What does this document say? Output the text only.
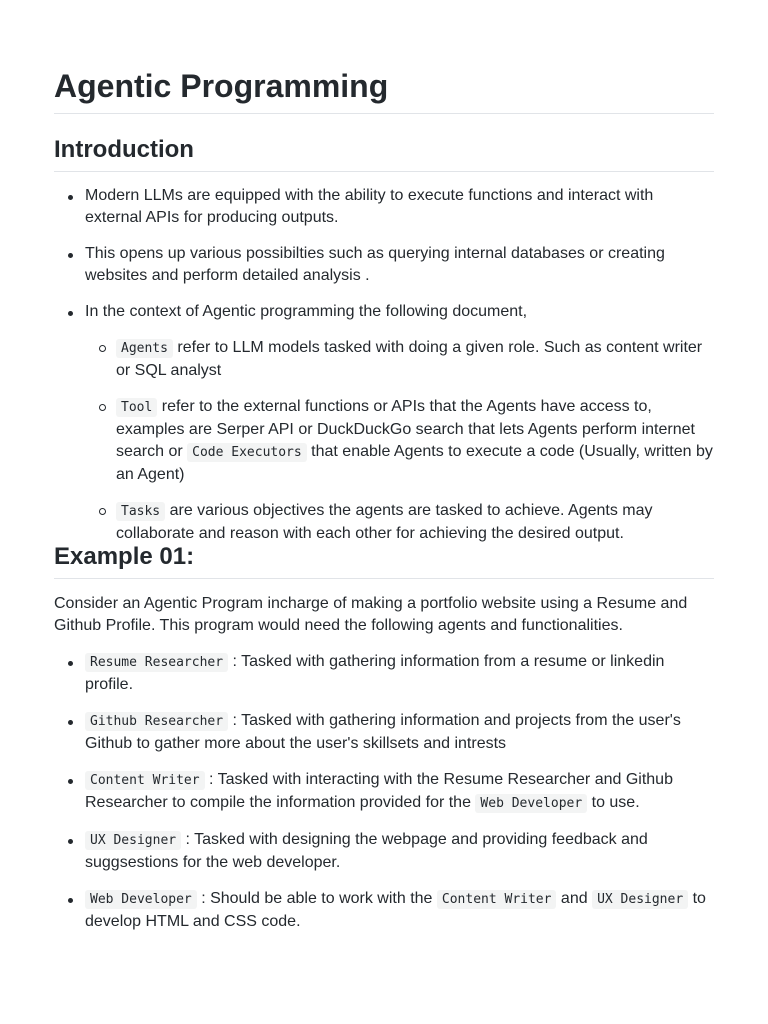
Agentic Programming
Introduction
Modern LLMs are equipped with the ability to execute functions and interact with external APIs for producing outputs.
This opens up various possibilties such as querying internal databases or creating websites and perform detailed analysis .
In the context of Agentic programming the following document,
Agents refer to LLM models tasked with doing a given role. Such as content writer or SQL analyst
Tool refer to the external functions or APIs that the Agents have access to, examples are Serper API or DuckDuckGo search that lets Agents perform internet search or Code Executors that enable Agents to execute a code (Usually, written by an Agent)
Tasks are various objectives the agents are tasked to achieve. Agents may collaborate and reason with each other for achieving the desired output.
Example 01:

Consider an Agentic Program incharge of making a portfolio website using a Resume and Github Profile. This program would need the following agents and functionalities.

Resume Researcher : Tasked with gathering information from a resume or linkedin profile.
Github Researcher : Tasked with gathering information and projects from the user's Github to gather more about the user's skillsets and intrests
Content Writer : Tasked with interacting with the Resume Researcher and Github Researcher to compile the information provided for the Web Developer to use.
UX Designer : Tasked with designing the webpage and providing feedback and suggsestions for the web developer.
Web Developer : Should be able to work with the Content Writer and UX Designer to develop HTML and CSS code.
